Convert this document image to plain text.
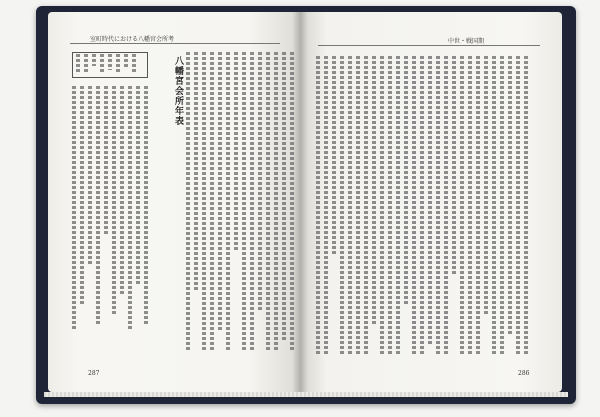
室町時代における八幡宮会所考
八幡宮会所年表
287
中世・戦国期
286
